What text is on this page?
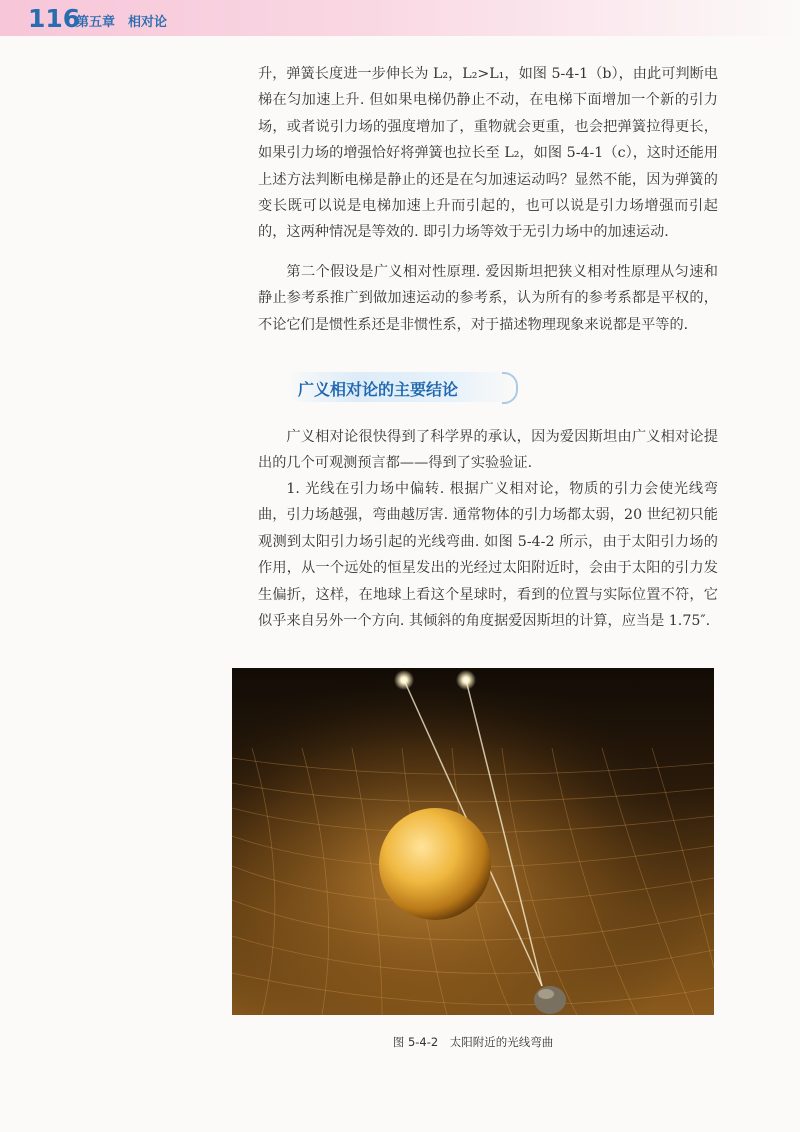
116
第五章　相对论

升，弹簧长度进一步伸长为 L₂，L₂>L₁，如图 5-4-1（b），由此可判断电梯在匀加速上升. 但如果电梯仍静止不动，在电梯下面增加一个新的引力场，或者说引力场的强度增加了，重物就会更重，也会把弹簧拉得更长，如果引力场的增强恰好将弹簧也拉长至 L₂，如图 5-4-1（c），这时还能用上述方法判断电梯是静止的还是在匀加速运动吗？显然不能，因为弹簧的变长既可以说是电梯加速上升而引起的，也可以说是引力场增强而引起的，这两种情况是等效的. 即引力场等效于无引力场中的加速运动.

第二个假设是广义相对性原理. 爱因斯坦把狭义相对性原理从匀速和静止参考系推广到做加速运动的参考系，认为所有的参考系都是平权的，不论它们是惯性系还是非惯性系，对于描述物理现象来说都是平等的.

广义相对论的主要结论

广义相对论很快得到了科学界的承认，因为爱因斯坦由广义相对论提出的几个可观测预言都——得到了实验验证.

1. 光线在引力场中偏转. 根据广义相对论，物质的引力会使光线弯曲，引力场越强，弯曲越厉害. 通常物体的引力场都太弱，20 世纪初只能观测到太阳引力场引起的光线弯曲. 如图 5-4-2 所示，由于太阳引力场的作用，从一个远处的恒星发出的光经过太阳附近时，会由于太阳的引力发生偏折，这样，在地球上看这个星球时，看到的位置与实际位置不符，它似乎来自另外一个方向. 其倾斜的角度据爱因斯坦的计算，应当是 1.75″.

图 5-4-2　太阳附近的光线弯曲
